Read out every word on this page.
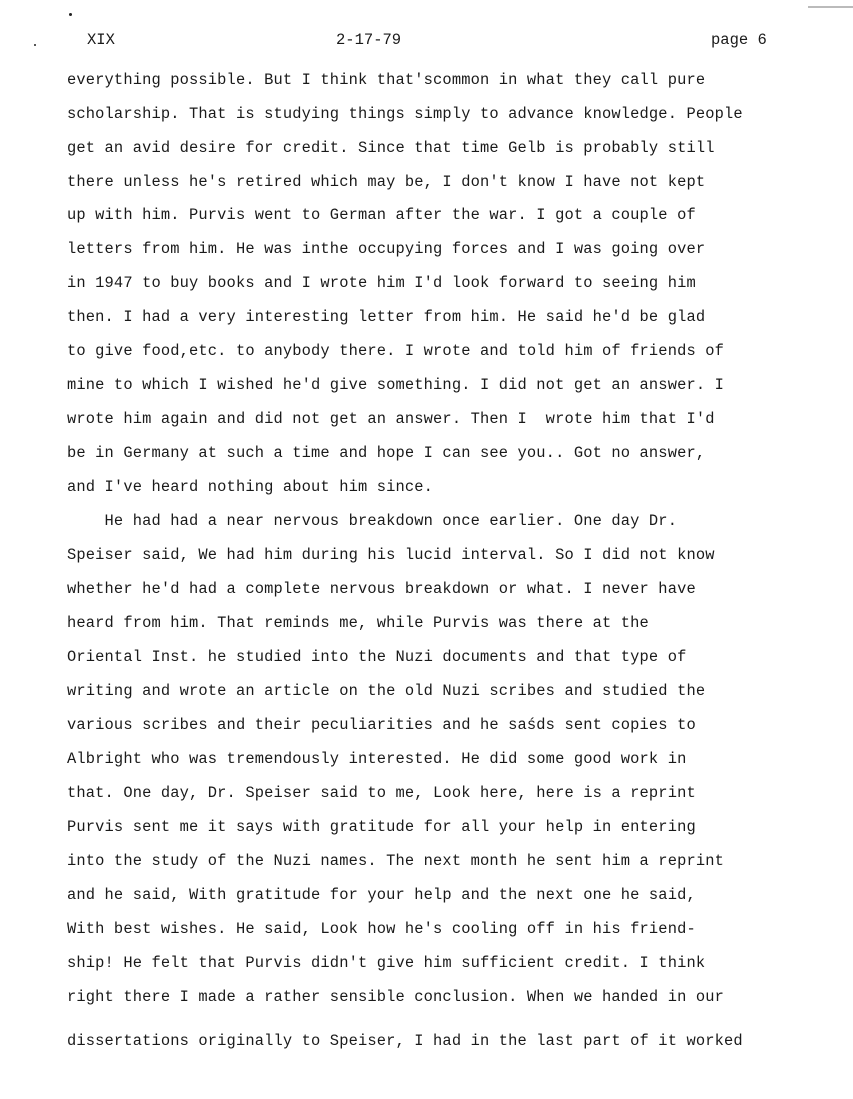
XIX	2-17-79	page 6
everything possible. But I think that'scommon in what they call pure
scholarship. That is studying things simply to advance knowledge. People
get an avid desire for credit. Since that time Gelb is probably still
there unless he's retired which may be, I don't know I have not kept
up with him. Purvis went to German after the war. I got a couple of
letters from him. He was inthe occupying forces and I was going over
in 1947 to buy books and I wrote him I'd look forward to seeing him
then. I had a very interesting letter from him. He said he'd be glad
to give food,etc. to anybody there. I wrote and told him of friends of
mine to which I wished he'd give something. I did not get an answer. I
wrote him again and did not get an answer. Then I  wrote him that I'd
be in Germany at such a time and hope I can see you.. Got no answer,
and I've heard nothing about him since.
He had had a near nervous breakdown once earlier. One day Dr.
Speiser said, We had him during his lucid interval. So I did not know
whether he'd had a complete nervous breakdown or what. I never have
heard from him. That reminds me, while Purvis was there at the
Oriental Inst. he studied into the Nuzi documents and that type of
writing and wrote an article on the old Nuzi scribes and studied the
various scribes and their peculiarities and he saśds sent copies to
Albright who was tremendously interested. He did some good work in
that. One day, Dr. Speiser said to me, Look here, here is a reprint
Purvis sent me it says with gratitude for all your help in entering
into the study of the Nuzi names. The next month he sent him a reprint
and he said, With gratitude for your help and the next one he said,
With best wishes. He said, Look how he's cooling off in his friend-
ship! He felt that Purvis didn't give him sufficient credit. I think
right there I made a rather sensible conclusion. When we handed in our
dissertations originally to Speiser, I had in the last part of it worked
